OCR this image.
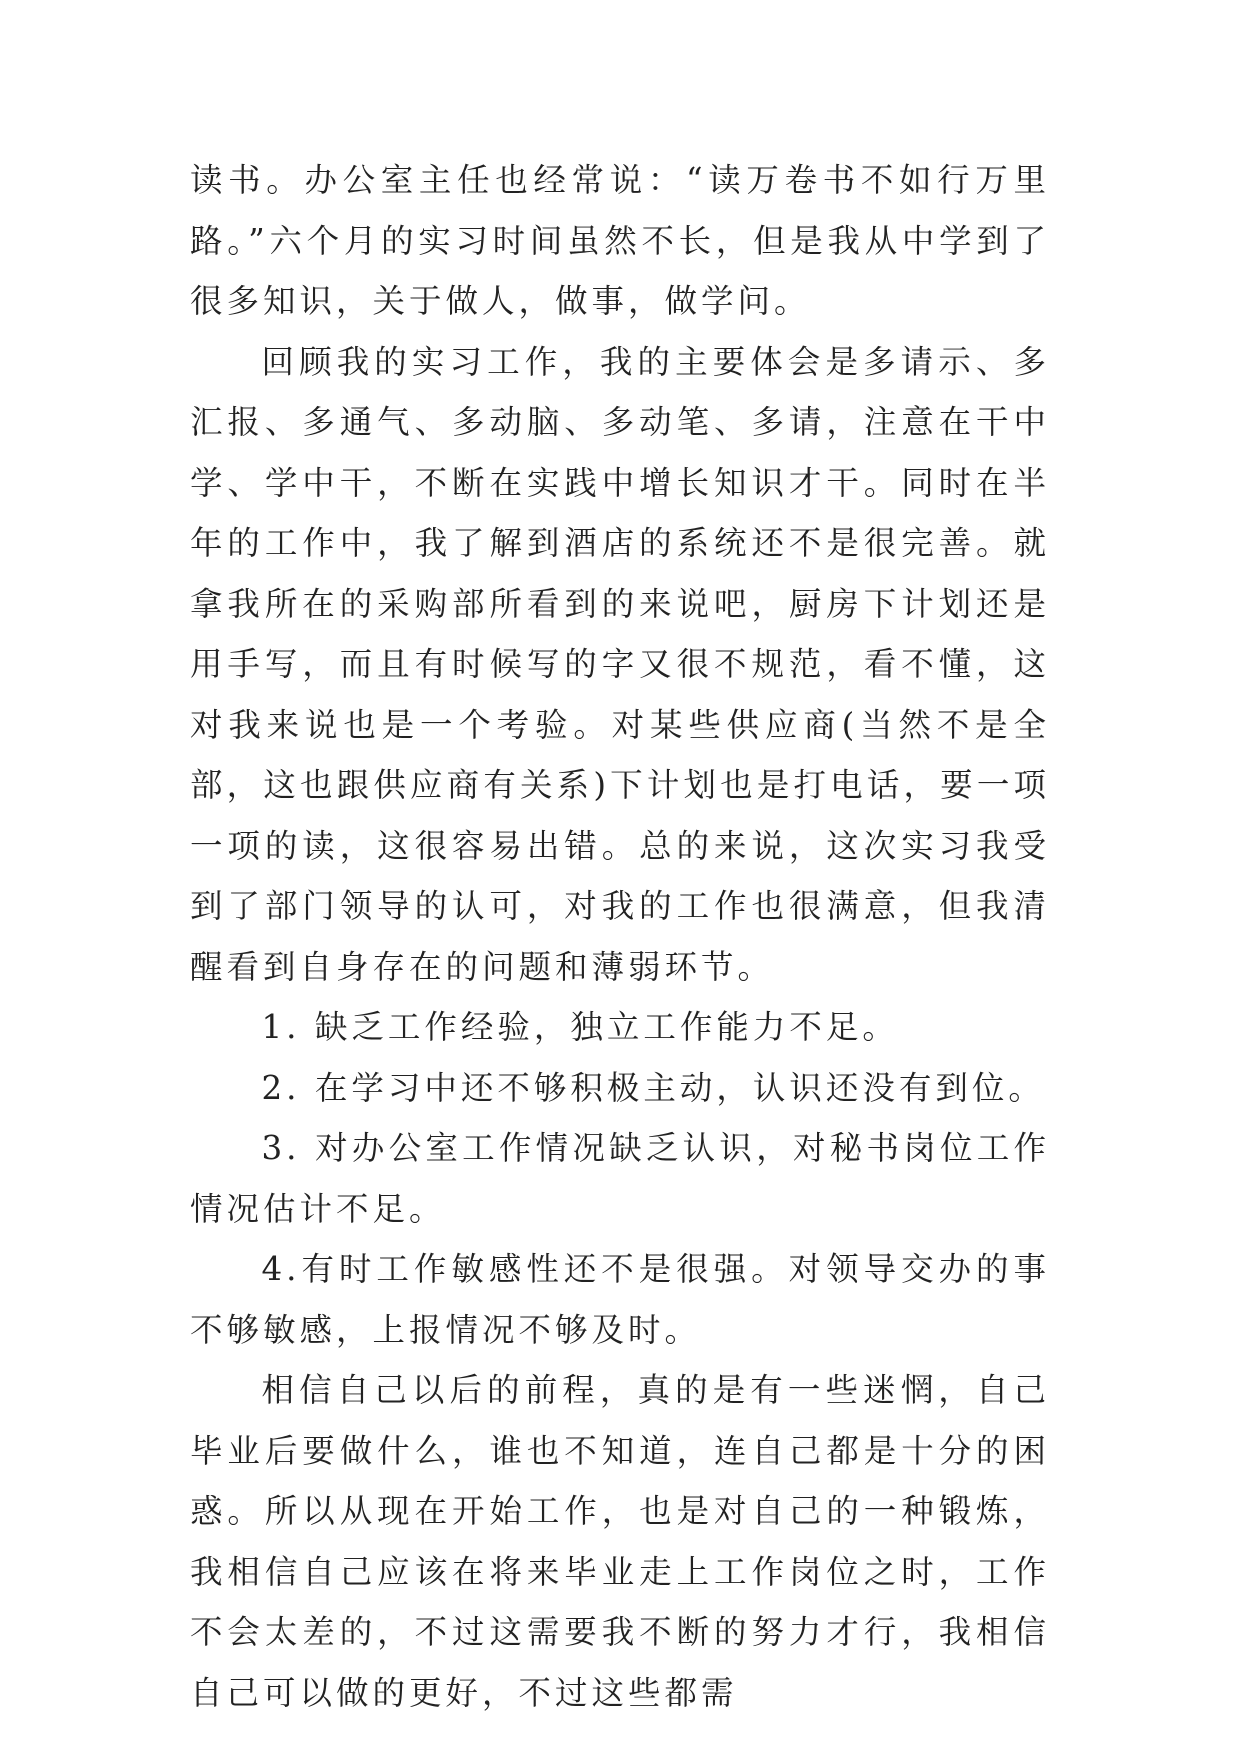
读书。办公室主任也经常说：“读万卷书不如行万里路。”六个月的实习时间虽然不长，但是我从中学到了很多知识，关于做人，做事，做学问。

回顾我的实习工作，我的主要体会是多请示、多汇报、多通气、多动脑、多动笔、多请，注意在干中学、学中干，不断在实践中增长知识才干。同时在半年的工作中，我了解到酒店的系统还不是很完善。就拿我所在的采购部所看到的来说吧，厨房下计划还是用手写，而且有时候写的字又很不规范，看不懂，这对我来说也是一个考验。对某些供应商(当然不是全部，这也跟供应商有关系)下计划也是打电话，要一项一项的读，这很容易出错。总的来说，这次实习我受到了部门领导的认可，对我的工作也很满意，但我清醒看到自身存在的问题和薄弱环节。

1. 缺乏工作经验，独立工作能力不足。

2. 在学习中还不够积极主动，认识还没有到位。

3. 对办公室工作情况缺乏认识，对秘书岗位工作情况估计不足。

4.有时工作敏感性还不是很强。对领导交办的事不够敏感，上报情况不够及时。

相信自己以后的前程，真的是有一些迷惘，自己毕业后要做什么，谁也不知道，连自己都是十分的困惑。所以从现在开始工作，也是对自己的一种锻炼，我相信自己应该在将来毕业走上工作岗位之时，工作不会太差的，不过这需要我不断的努力才行，我相信自己可以做的更好，不过这些都需
